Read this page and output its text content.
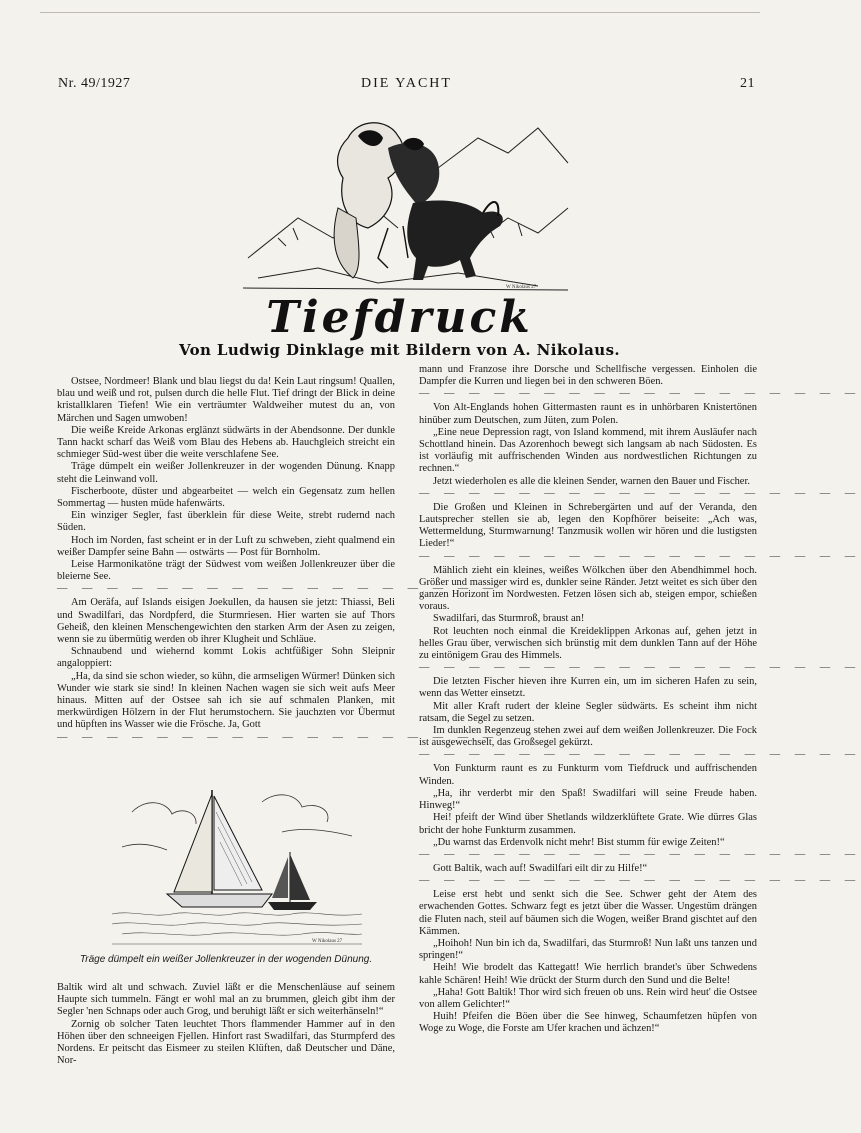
Nr. 49/1927	DIE YACHT	21
W Nikolaus 27
Tiefdruck
Von Ludwig Dinklage mit Bildern von A. Nikolaus.

Ostsee, Nordmeer! Blank und blau liegst du da! Kein Laut ringsum! Quallen, blau und weiß und rot, pulsen durch die helle Flut. Tief dringt der Blick in deine kristallklaren Tiefen! Wie ein verträumter Waldweiher mutest du an, von Märchen und Sagen umwoben!

Die weiße Kreide Arkonas erglänzt südwärts in der Abendsonne. Der dunkle Tann hackt scharf das Weiß vom Blau des Hebens ab. Hauchgleich streicht ein schmieger Süd-west über die weite verschlafene See.

Träge dümpelt ein weißer Jollenkreuzer in der wogenden Dünung. Knapp steht die Leinwand voll.

Fischerboote, düster und abgearbeitet — welch ein Gegensatz zum hellen Sommertag — husten müde hafenwärts.

Ein winziger Segler, fast überklein für diese Weite, strebt rudernd nach Süden.

Hoch im Norden, fast scheint er in der Luft zu schweben, zieht qualmend ein weißer Dampfer seine Bahn — ostwärts — Post für Bornholm.

Leise Harmonikatöne trägt der Südwest vom weißen Jollenkreuzer über die bleierne See.

— — — — — — — — — — — — — — — — — —

Am Oeräfa, auf Islands eisigen Joekullen, da hausen sie jetzt: Thiassi, Beli und Swadilfari, das Nordpferd, die Sturmriesen. Hier warten sie auf Thors Geheiß, den kleinen Menschengewichten den starken Arm der Asen zu zeigen, wenn sie zu übermütig werden ob ihrer Klugheit und Schläue.

Schnaubend und wiehernd kommt Lokis achtfüßiger Sohn Sleipnir angaloppiert:

„Ha, da sind sie schon wieder, so kühn, die armseligen Würmer! Dünken sich Wunder wie stark sie sind! In kleinen Nachen wagen sie sich weit aufs Meer hinaus. Mitten auf der Ostsee sah ich sie auf schmalen Planken, mit merkwürdigen Hölzern in der Flut herumstochern. Sie jauchzten vor Übermut und hüpften ins Wasser wie die Frösche. Ja, Gott

— — — — — — — — — — — — — — — — — —
W Nikolaus 27
Träge dümpelt ein weißer Jollenkreuzer in der wogenden Dünung.

Baltik wird alt und schwach. Zuviel läßt er die Menschenläuse auf seinem Haupte sich tummeln. Fängt er wohl mal an zu brummen, gleich gibt ihm der Segler 'nen Schnaps oder auch Grog, und beruhigt läßt er sich weiterhänseln!“

Zornig ob solcher Taten leuchtet Thors flammender Hammer auf in den Höhen über den schneeigen Fjellen. Hinfort rast Swadilfari, das Sturmpferd des Nordens. Er peitscht das Eismeer zu steilen Klüften, daß Deutscher und Däne, Nor-

mann und Franzose ihre Dorsche und Schellfische vergessen. Einholen die Dampfer die Kurren und liegen bei in den schweren Böen.

— — — — — — — — — — — — — — — — — —

Von Alt-Englands hohen Gittermasten raunt es in unhörbaren Knistertönen hinüber zum Deutschen, zum Jüten, zum Polen.

„Eine neue Depression ragt, von Island kommend, mit ihrem Ausläufer nach Schottland hinein. Das Azorenhoch bewegt sich langsam ab nach Südosten. Es ist vorläufig mit auffrischenden Winden aus nordwestlichen Richtungen zu rechnen.“

Jetzt wiederholen es alle die kleinen Sender, warnen den Bauer und Fischer.

— — — — — — — — — — — — — — — — — —

Die Großen und Kleinen in Schrebergärten und auf der Veranda, den Lautsprecher stellen sie ab, legen den Kopfhörer beiseite: „Ach was, Wettermeldung, Sturmwarnung! Tanzmusik wollen wir hören und die lustigsten Lieder!“

— — — — — — — — — — — — — — — — — —

Mählich zieht ein kleines, weißes Wölkchen über den Abendhimmel hoch. Größer und massiger wird es, dunkler seine Ränder. Jetzt weitet es sich über den ganzen Horizont im Nordwesten. Fetzen lösen sich ab, steigen empor, schießen voraus.

Swadilfari, das Sturmroß, braust an!

Rot leuchten noch einmal die Kreideklippen Arkonas auf, gehen jetzt in helles Grau über, verwischen sich brünstig mit dem dunklen Tann auf der Höhe zu eintönigem Grau des Himmels.

— — — — — — — — — — — — — — — — — —

Die letzten Fischer hieven ihre Kurren ein, um im sicheren Hafen zu sein, wenn das Wetter einsetzt.

Mit aller Kraft rudert der kleine Segler südwärts. Es scheint ihm nicht ratsam, die Segel zu setzen.

Im dunklen Regenzeug stehen zwei auf dem weißen Jollenkreuzer. Die Fock ist ausgewechselt, das Großsegel gekürzt.

— — — — — — — — — — — — — — — — — —

Von Funkturm raunt es zu Funkturm vom Tiefdruck und auffrischenden Winden.

„Ha, ihr verderbt mir den Spaß! Swadilfari will seine Freude haben. Hinweg!“

Hei! pfeift der Wind über Shetlands wildzerklüftete Grate. Wie dürres Glas bricht der hohe Funkturm zusammen.

„Du warnst das Erdenvolk nicht mehr! Bist stumm für ewige Zeiten!“

— — — — — — — — — — — — — — — — — —

Gott Baltik, wach auf! Swadilfari eilt dir zu Hilfe!“

— — — — — — — — — — — — — — — — — —

Leise erst hebt und senkt sich die See. Schwer geht der Atem des erwachenden Gottes. Schwarz fegt es jetzt über die Wasser. Ungestüm drängen die Fluten nach, steil auf bäumen sich die Wogen, weißer Brand gischtet auf den Kämmen.

„Hoihoh! Nun bin ich da, Swadilfari, das Sturmroß! Nun laßt uns tanzen und springen!“

Heih! Wie brodelt das Kattegatt! Wie herrlich brandet's über Schwedens kahle Schären! Heih! Wie drückt der Sturm durch den Sund und die Belte!

„Haha! Gott Baltik! Thor wird sich freuen ob uns. Rein wird heut' die Ostsee von allem Gelichter!“

Huih! Pfeifen die Böen über die See hinweg, Schaumfetzen hüpfen von Woge zu Woge, die Forste am Ufer krachen und ächzen!“
